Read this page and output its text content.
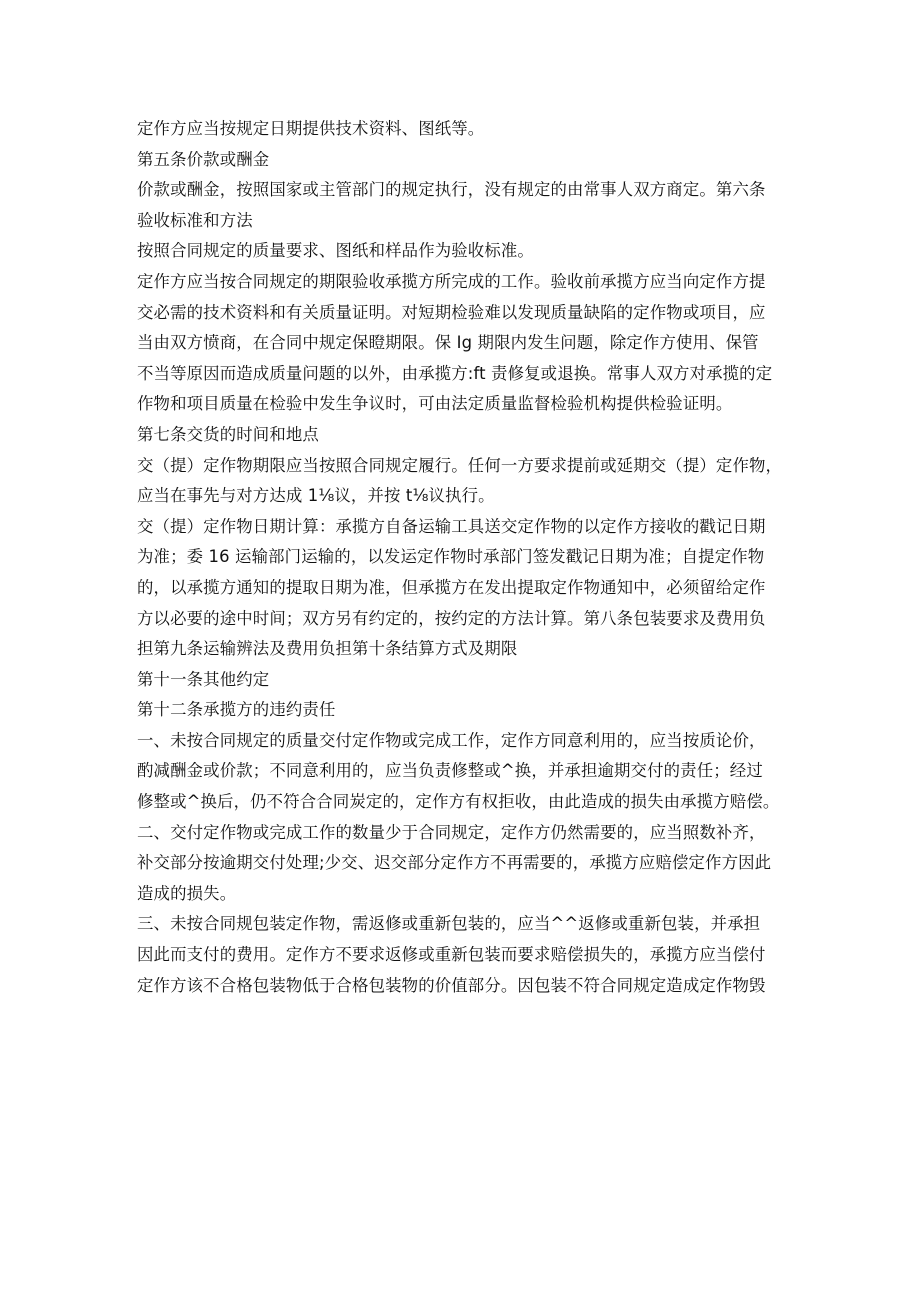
定作方应当按规定日期提供技术资料、图纸等。
第五条价款或酬金
价款或酬金，按照国家或主管部门的规定执行，没有规定的由常事人双方商定。第六条
验收标准和方法
按照合同规定的质量要求、图纸和样品作为验收标准。
定作方应当按合同规定的期限验收承揽方所完成的工作。验收前承揽方应当向定作方提
交必需的技术资料和有关质量证明。对短期检验难以发现质量缺陷的定作物或项目，应
当由双方愤商，在合同中规定保瞪期限。保 Ig 期限内发生问题，除定作方使用、保管
不当等原因而造成质量问题的以外，由承揽方:ft 责修复或退换。常事人双方对承揽的定
作物和项目质量在检验中发生争议时，可由法定质量监督检验机构提供检验证明。
第七条交货的时间和地点
交（提）定作物期限应当按照合同规定履行。任何一方要求提前或延期交（提）定作物，
应当在事先与对方达成 1⅛议，并按 t⅛议执行。
交（提）定作物日期计算：承揽方自备运输工具送交定作物的以定作方接收的戳记日期
为准；委 16 运输部门运输的，以发运定作物时承部门签发戳记日期为准；自提定作物
的，以承揽方通知的提取日期为准，但承揽方在发出提取定作物通知中，必须留给定作
方以必要的途中时间；双方另有约定的，按约定的方法计算。第八条包装要求及费用负
担第九条运输辨法及费用负担第十条结算方式及期限
第十一条其他约定
第十二条承揽方的违约责任
一、未按合同规定的质量交付定作物或完成工作，定作方同意利用的，应当按质论价，
酌减酬金或价款；不同意利用的，应当负责修整或^换，并承担逾期交付的责任；经过
修整或^换后，仍不符合合同炭定的，定作方有权拒收，由此造成的损失由承揽方赔偿。
二、交付定作物或完成工作的数量少于合同规定，定作方仍然需要的，应当照数补齐，
补交部分按逾期交付处理;少交、迟交部分定作方不再需要的，承揽方应赔偿定作方因此
造成的损失。
三、未按合同规包装定作物，需返修或重新包装的，应当^^返修或重新包装，并承担
因此而支付的费用。定作方不要求返修或重新包装而要求赔偿损失的，承揽方应当偿付
定作方该不合格包装物低于合格包装物的价值部分。因包装不符合同规定造成定作物毁
